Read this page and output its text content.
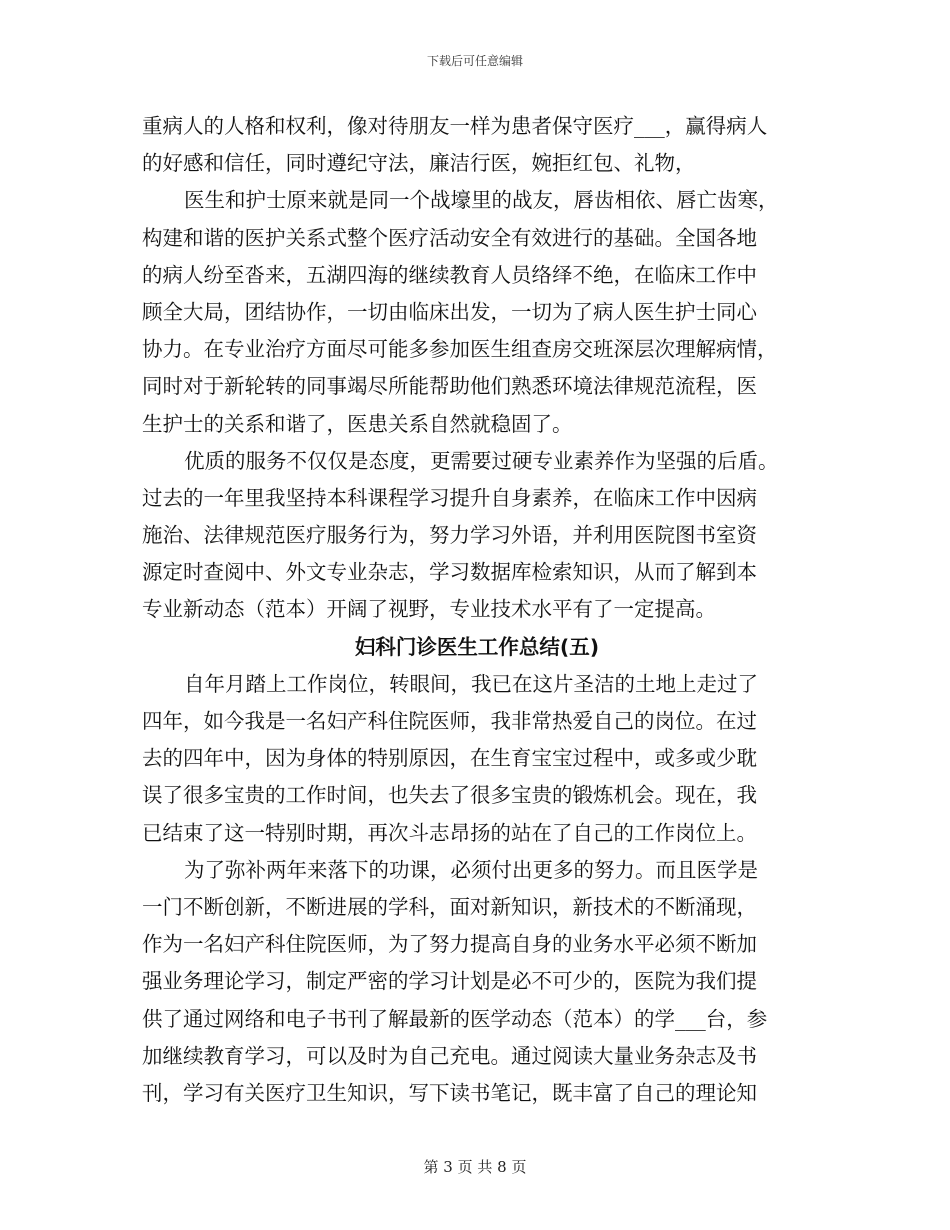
下载后可任意编辑
重病人的人格和权利，像对待朋友一样为患者保守医疗___，赢得病人
的好感和信任，同时遵纪守法，廉洁行医，婉拒红包、礼物，
医生和护士原来就是同一个战壕里的战友，唇齿相依、唇亡齿寒，
构建和谐的医护关系式整个医疗活动安全有效进行的基础。全国各地
的病人纷至沓来，五湖四海的继续教育人员络绎不绝，在临床工作中
顾全大局，团结协作，一切由临床出发，一切为了病人医生护士同心
协力。在专业治疗方面尽可能多参加医生组查房交班深层次理解病情，
同时对于新轮转的同事竭尽所能帮助他们熟悉环境法律规范流程，医
生护士的关系和谐了，医患关系自然就稳固了。
优质的服务不仅仅是态度，更需要过硬专业素养作为坚强的后盾。
过去的一年里我坚持本科课程学习提升自身素养，在临床工作中因病
施治、法律规范医疗服务行为，努力学习外语，并利用医院图书室资
源定时查阅中、外文专业杂志，学习数据库检索知识，从而了解到本
专业新动态（范本）开阔了视野，专业技术水平有了一定提高。
妇科门诊医生工作总结(五)
自年月踏上工作岗位，转眼间，我已在这片圣洁的土地上走过了
四年，如今我是一名妇产科住院医师，我非常热爱自己的岗位。在过
去的四年中，因为身体的特别原因，在生育宝宝过程中，或多或少耽
误了很多宝贵的工作时间，也失去了很多宝贵的锻炼机会。现在，我
已结束了这一特别时期，再次斗志昂扬的站在了自己的工作岗位上。
为了弥补两年来落下的功课，必须付出更多的努力。而且医学是
一门不断创新，不断进展的学科，面对新知识，新技术的不断涌现，
作为一名妇产科住院医师，为了努力提高自身的业务水平必须不断加
强业务理论学习，制定严密的学习计划是必不可少的，医院为我们提
供了通过网络和电子书刊了解最新的医学动态（范本）的学___台，参
加继续教育学习，可以及时为自己充电。通过阅读大量业务杂志及书
刊，学习有关医疗卫生知识，写下读书笔记，既丰富了自己的理论知
第 3 页 共 8 页
